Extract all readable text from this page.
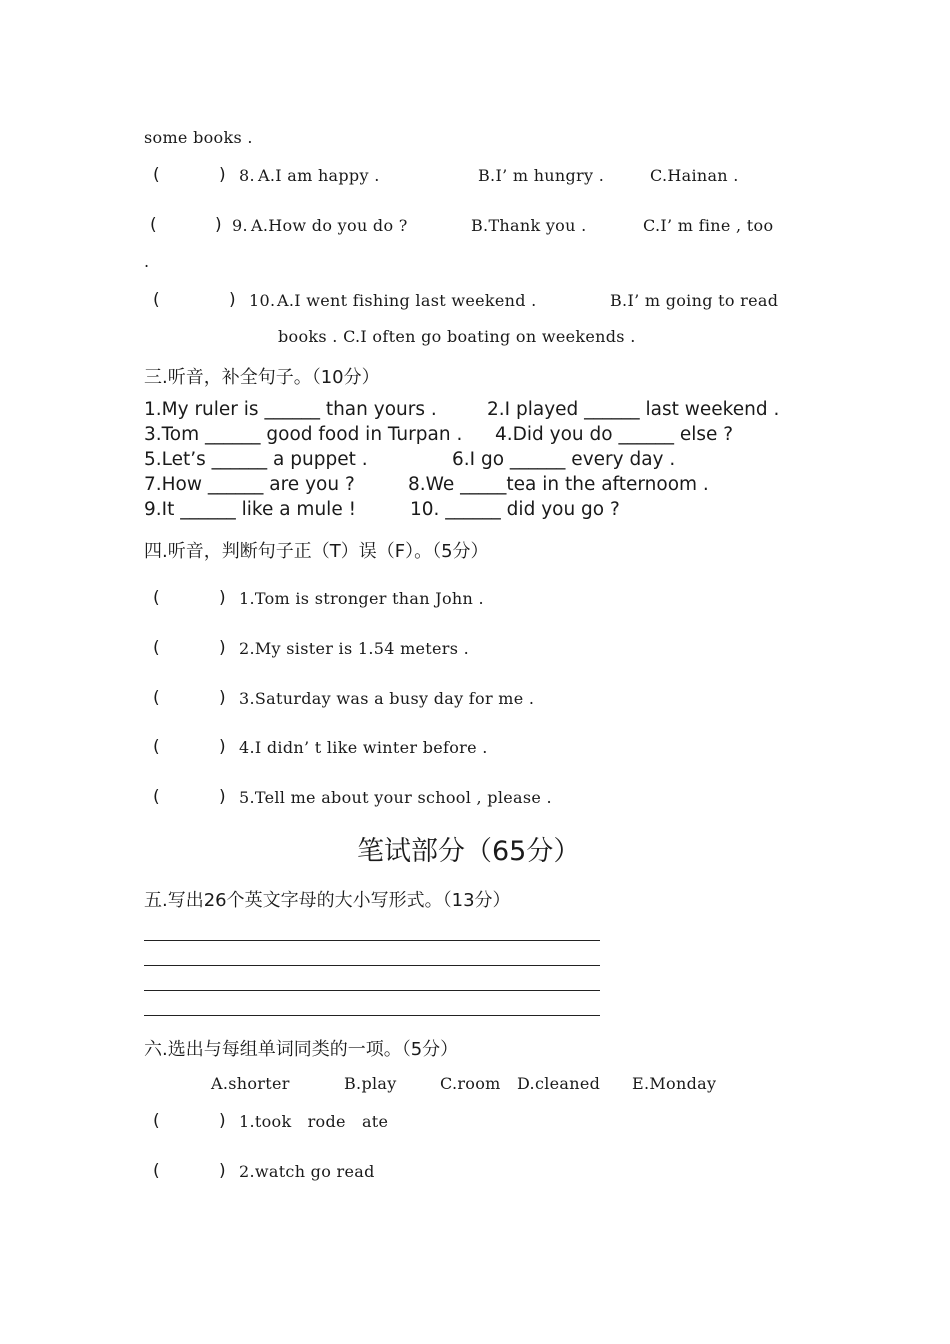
some books .
(	) 8. A.I am happy .	B.I’ m hungry .	C.Hainan .
(	) 9. A.How do you do ?	B.Thank you .	C.I’ m fine , too
.
(	) 10. A.I went fishing last weekend .	B.I’ m going to read
books . C.I often go boating on weekends .
三.听音，补全句子。（10分）
1.My ruler is ______ than yours .	2.I played ______ last weekend .
3.Tom ______ good food in Turpan . 4.Did you do ______ else ?
5.Let’s ______ a puppet .	6.I go ______ every day .
7.How ______ are you ?	8.We _____tea in the afternoom .
9.It ______ like a mule !	10. ______ did you go ?
四.听音，判断句子正（T）误（F）。（5分）
(	) 1.Tom is stronger than John .
(	) 2.My sister is 1.54 meters .
(	) 3.Saturday was a busy day for me .
(	) 4.I didn’ t like winter before .
(	) 5.Tell me about your school , please .
笔试部分（65分）
五.写出26个英文字母的大小写形式。（13分）
六.选出与每组单词同类的一项。（5分）
A.shorter	B.play	C.room D.cleaned E.Monday
(	) 1.took   rode   ate
(	) 2.watch go read
